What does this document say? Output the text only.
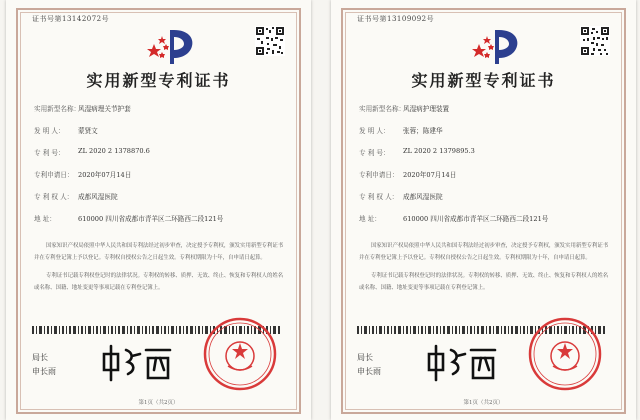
证书号第13142072号
实用新型专利证书
实用新型名称：
风湿病理关节护套
发 明 人：	蒙贤文
专 利 号：	ZL 2020 2 1378870.6
专利申请日： 2020年07月14日
专 利 权 人： 成都风湿医院
地 址：	610000 四川省成都市青羊区二环路西二段121号

国家知识产权局依照中华人民共和国专利法经过初步审查，决定授予专利权，颁发实用新型专利证书并在专利登记簿上予以登记。专利权自授权公告之日起生效。专利权期限为十年，自申请日起算。

专利证书记载专利权登记时的法律状况。专利权的转移、质押、无效、终止、恢复和专利权人的姓名或名称、国籍、地址变更等事项记载在专利登记簿上。

局长
申长雨
第1页（共2页）
证书号第13109092号
实用新型专利证书
实用新型名称：
风湿病护理装置
发 明 人：	张蓉；陈建华
专 利 号：	ZL 2020 2 1379895.3
专利申请日： 2020年07月14日
专 利 权 人： 成都风湿医院
地 址：	610000 四川省成都市青羊区二环路西二段121号

国家知识产权局依照中华人民共和国专利法经过初步审查，决定授予专利权，颁发实用新型专利证书并在专利登记簿上予以登记。专利权自授权公告之日起生效。专利权期限为十年，自申请日起算。

专利证书记载专利权登记时的法律状况。专利权的转移、质押、无效、终止、恢复和专利权人的姓名或名称、国籍、地址变更等事项记载在专利登记簿上。

局长
申长雨
第1页（共2页）
